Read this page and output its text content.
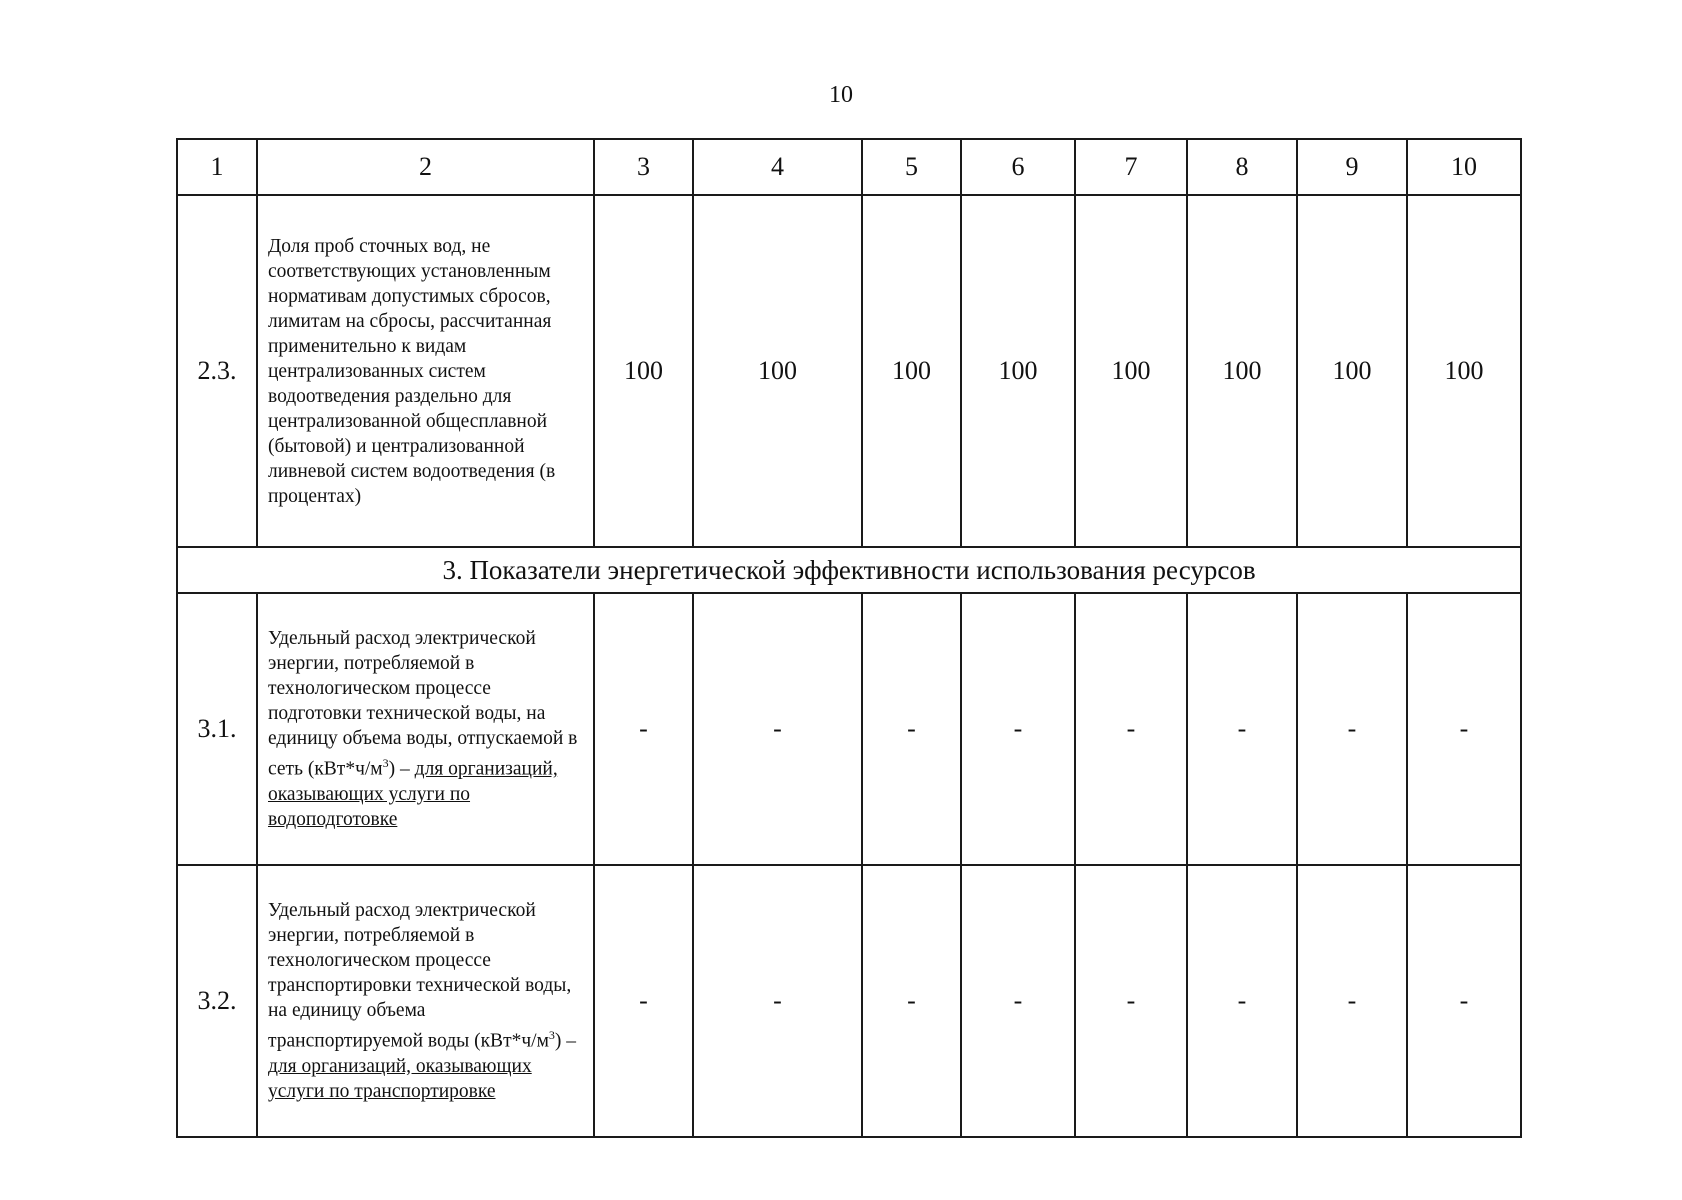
10
1	2	3	4	5	6	7	8	9	10
2.3.	Доля проб сточных вод, не соответствующих установленным нормативам допустимых сбросов, лимитам на сбросы, рассчитанная применительно к видам централизованных систем водоотведения раздельно для централизованной общесплавной (бытовой) и централизованной ливневой систем водоотведения (в процентах)	100	100	100	100	100	100	100	100
3. Показатели энергетической эффективности использования ресурсов									
3.1.	Удельный расход электрической энергии, потребляемой в технологическом процессе подготовки технической воды, на единицу объема воды, отпускаемой в сеть $(кВт*ч/м^3)$ – для организаций, оказывающих услуги по водоподготовке	-	-	-	-	-	-	-	-
3.2.	Удельный расход электрической энергии, потребляемой в технологическом процессе транспортировки технической воды, на единицу объема транспортируемой воды $(кВт*ч/м^3)$ – для организаций, оказывающих услуги по транспортировке	-	-	-	-	-	-	-	-
